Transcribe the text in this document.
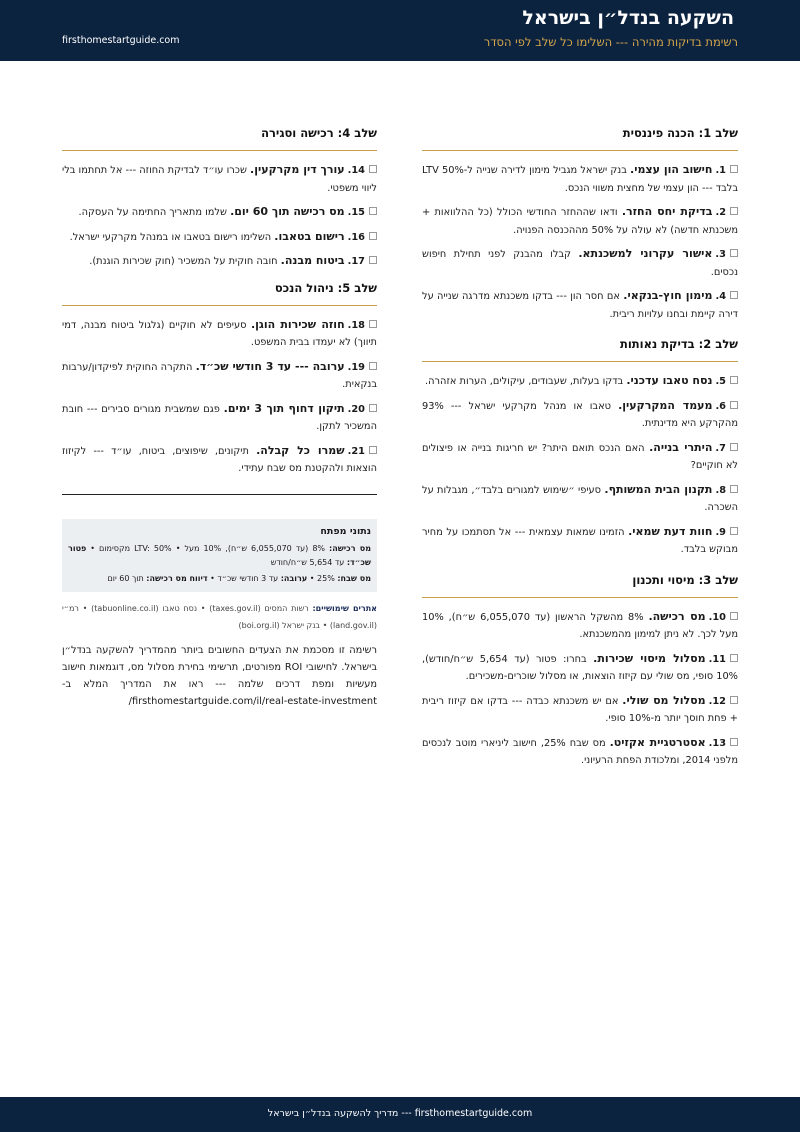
השקעה בנדל״ן בישראל
רשימת בדיקות מהירה --- השלימו כל שלב לפי הסדר
firsthomestartguide.com
שלב 1: הכנה פיננסית
1.חישוב הון עצמי. בנק ישראל מגביל מימון לדירה שנייה ל-50% LTV בלבד --- הון עצמי של מחצית משווי הנכס.
2.בדיקת יחס החזר. ודאו שההחזר החודשי הכולל (כל ההלוואות + משכנתא חדשה) לא עולה על 50% מההכנסה הפנויה.
3.אישור עקרוני למשכנתא. קבלו מהבנק לפני תחילת חיפוש נכסים.
4.מימון חוץ-בנקאי. אם חסר הון --- בדקו משכנתא מדרגה שנייה על דירה קיימת ובחנו עלויות ריבית.
שלב 2: בדיקת נאותות
5.נסח טאבו עדכני. בדקו בעלות, שעבודים, עיקולים, הערות אזהרה.
6.מעמד המקרקעין. טאבו או מנהל מקרקעי ישראל --- 93% מהקרקע היא מדינתית.
7.היתרי בנייה. האם הנכס תואם היתר? יש חריגות בנייה או פיצולים לא חוקיים?
8.תקנון הבית המשותף. סעיפי ״שימוש למגורים בלבד״, מגבלות על השכרה.
9.חוות דעת שמאי. הזמינו שמאות עצמאית --- אל תסתמכו על מחיר מבוקש בלבד.
שלב 3: מיסוי ותכנון
10.מס רכישה. 8% מהשקל הראשון (עד 6,055,070 ש״ח), 10% מעל לכך. לא ניתן למימון מהמשכנתא.
11.מסלול מיסוי שכירות. בחרו: פטור (עד 5,654 ש״ח/חודש), 10% סופי, מס שולי עם קיזוז הוצאות, או מסלול שוכרים-משכירים.
12.מסלול מס שולי. אם יש משכנתא כבדה --- בדקו אם קיזוז ריבית + פחת חוסך יותר מ-10% סופי.
13.אסטרטגיית אקזיט. מס שבח 25%, חישוב ליניארי מוטב לנכסים מלפני 2014, ומלכודת הפחת הרעיוני.
שלב 4: רכישה וסגירה
14.עורך דין מקרקעין. שכרו עו״ד לבדיקת החוזה --- אל תחתמו בלי ליווי משפטי.
15.מס רכישה תוך 60 יום. שלמו מתאריך החתימה על העסקה.
16.רישום בטאבו. השלימו רישום בטאבו או במנהל מקרקעי ישראל.
17.ביטוח מבנה. חובה חוקית על המשכיר (חוק שכירות הוגנת).
שלב 5: ניהול הנכס
18.חוזה שכירות הוגן. סעיפים לא חוקיים (גלגול ביטוח מבנה, דמי תיווך) לא יעמדו בבית המשפט.
19.ערובה --- עד 3 חודשי שכ״ד. התקרה החוקית לפיקדון/ערבות בנקאית.
20.תיקון דחוף תוך 3 ימים. פגם שמשבית מגורים סבירים --- חובת המשכיר לתקן.
21.שמרו כל קבלה. תיקונים, שיפוצים, ביטוח, עו״ד --- לקיזוז הוצאות ולהקטנת מס שבח עתידי.
נתוני מפתח
מס רכישה: 8% (עד 6,055,070 ש״ח), 10% מעל • LTV: 50% מקסימום • פטור שכ״ד: עד 5,654 ש״ח/חודש
מס שבח: 25% • ערובה: עד 3 חודשי שכ״ד • דיווח מס רכישה: תוך 60 יום
אתרים שימושיים: רשות המסים (taxes.gov.il) • נסח טאבו (tabuonline.co.il) • רמ״י (land.gov.il) • בנק ישראל (boi.org.il)
רשימה זו מסכמת את הצעדים החשובים ביותר מהמדריך להשקעה בנדל״ן בישראל. לחישובי ROI מפורטים, תרשימי בחירת מסלול מס, דוגמאות חישוב מעשיות ומפת דרכים שלמה --- ראו את המדריך המלא ב-firsthomestartguide.com/il/real-estate-investment/
firsthomestartguide.com --- מדריך להשקעה בנדל״ן בישראל
